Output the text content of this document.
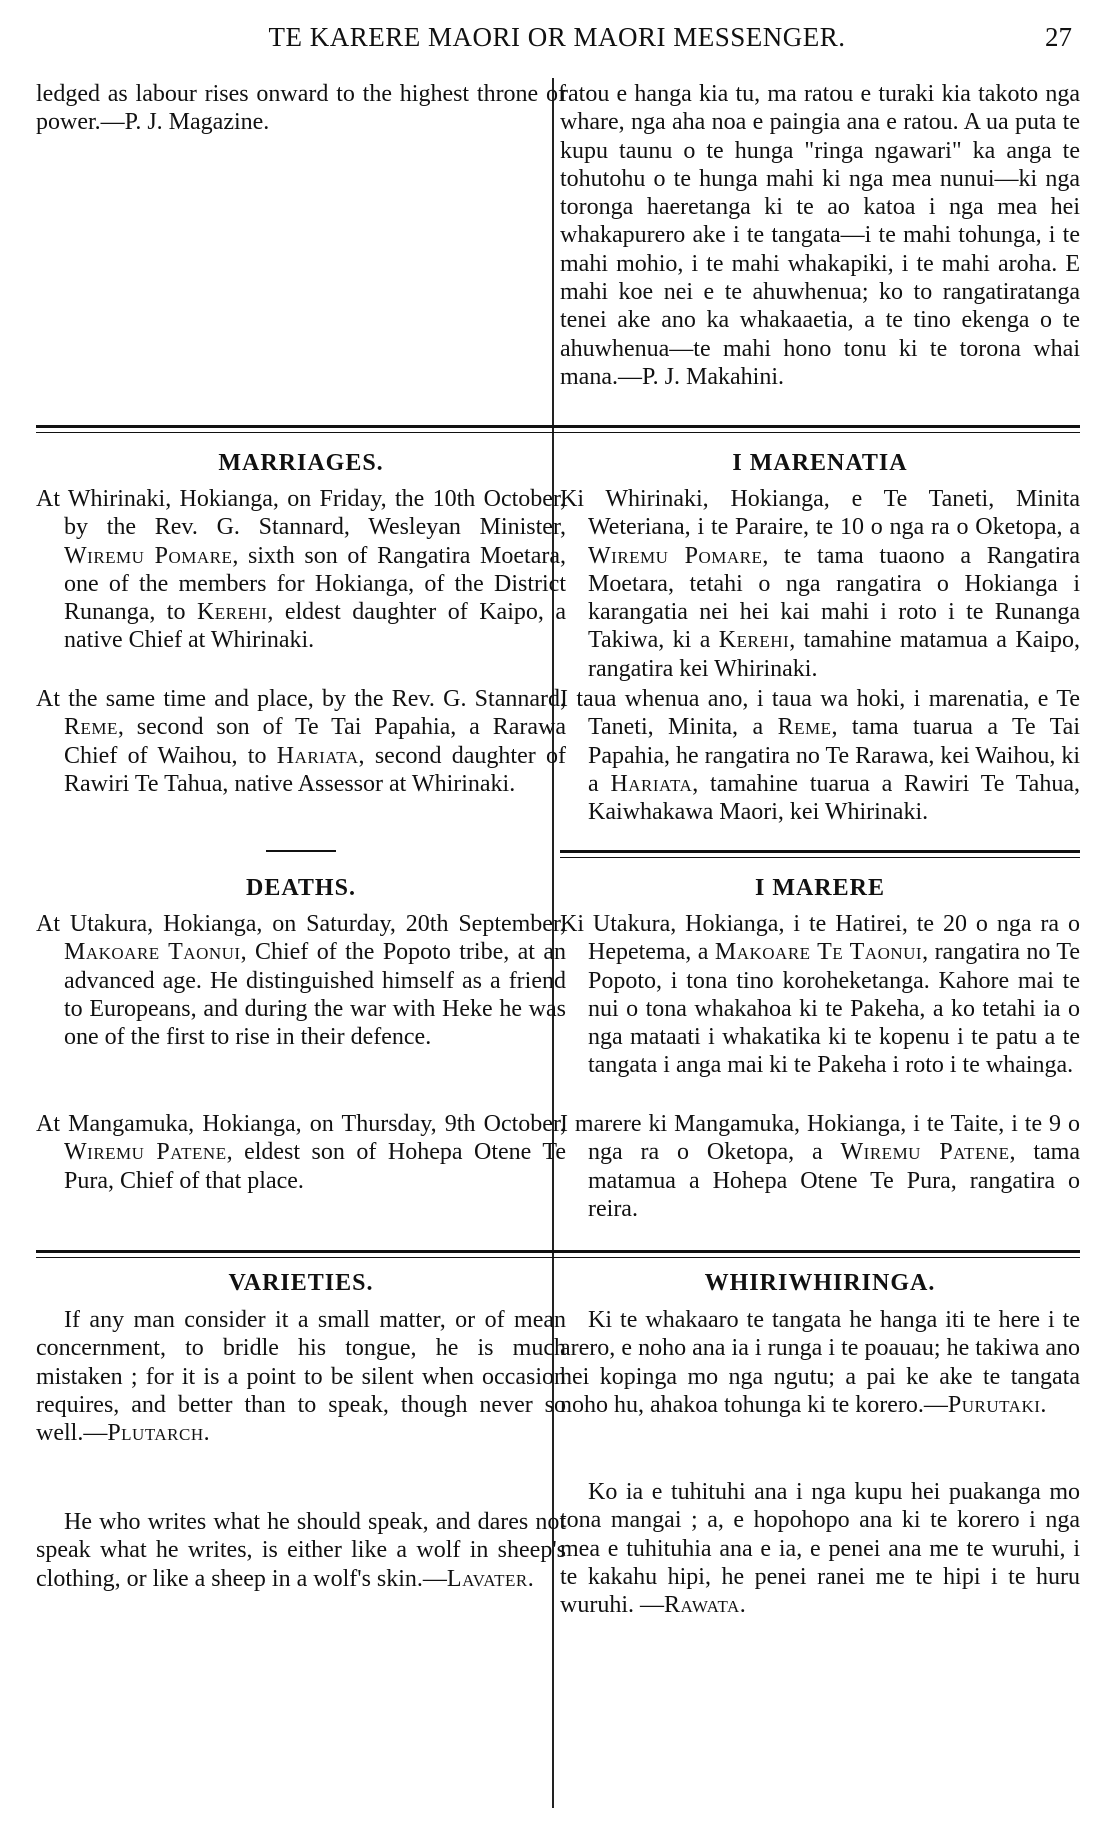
TE KARERE MAORI OR MAORI MESSENGER.	27

ledged as labour rises onward to the highest throne of power.—P. J. Magazine.

MARRIAGES.

At Whirinaki, Hokianga, on Friday, the 10th October, by the Rev. G. Stannard, Wesleyan Minister, Wiremu Pomare, sixth son of Rangatira Moetara, one of the members for Hokianga, of the District Runanga, to Kerehi, eldest daughter of Kaipo, a native Chief at Whirinaki.

At the same time and place, by the Rev. G. Stannard, Reme, second son of Te Tai Papahia, a Rarawa Chief of Waihou, to Hariata, second daughter of Rawiri Te Tahua, native Assessor at Whirinaki.

DEATHS.

At Utakura, Hokianga, on Saturday, 20th September, Makoare Taonui, Chief of the Popoto tribe, at an advanced age. He distinguished himself as a friend to Europeans, and during the war with Heke he was one of the first to rise in their defence.

At Mangamuka, Hokianga, on Thursday, 9th October, Wiremu Patene, eldest son of Hohepa Otene Te Pura, Chief of that place.

VARIETIES.

If any man consider it a small matter, or of mean concernment, to bridle his tongue, he is much mistaken ; for it is a point to be silent when occasion requires, and better than to speak, though never so well.—Plutarch.

He who writes what he should speak, and dares not speak what he writes, is either like a wolf in sheep's clothing, or like a sheep in a wolf's skin.—Lavater.

ratou e hanga kia tu, ma ratou e turaki kia takoto nga whare, nga aha noa e paingia ana e ratou. A ua puta te kupu taunu o te hunga "ringa ngawari" ka anga te tohutohu o te hunga mahi ki nga mea nunui—ki nga toronga haeretanga ki te ao katoa i nga mea hei whakapurero ake i te tangata—i te mahi tohunga, i te mahi mohio, i te mahi whakapiki, i te mahi aroha. E mahi koe nei e te ahuwhenua; ko to rangatiratanga tenei ake ano ka whakaaetia, a te tino ekenga o te ahuwhenua—te mahi hono tonu ki te torona whai mana.—P. J. Makahini.

I MARENATIA

Ki Whirinaki, Hokianga, e Te Taneti, Minita Weteriana, i te Paraire, te 10 o nga ra o Oketopa, a Wiremu Pomare, te tama tuaono a Rangatira Moetara, tetahi o nga rangatira o Hokianga i karangatia nei hei kai mahi i roto i te Runanga Takiwa, ki a Kerehi, tamahine matamua a Kaipo, rangatira kei Whirinaki.

I taua whenua ano, i taua wa hoki, i marenatia, e Te Taneti, Minita, a Reme, tama tuarua a Te Tai Papahia, he rangatira no Te Rarawa, kei Waihou, ki a Hariata, tamahine tuarua a Rawiri Te Tahua, Kaiwhakawa Maori, kei Whirinaki.

I MARERE

Ki Utakura, Hokianga, i te Hatirei, te 20 o nga ra o Hepetema, a Makoare Te Taonui, rangatira no Te Popoto, i tona tino koroheketanga. Kahore mai te nui o tona whakahoa ki te Pakeha, a ko tetahi ia o nga mataati i whakatika ki te kopenu i te patu a te tangata i anga mai ki te Pakeha i roto i te whainga.

I marere ki Mangamuka, Hokianga, i te Taite, i te 9 o nga ra o Oketopa, a Wiremu Patene, tama matamua a Hohepa Otene Te Pura, rangatira o reira.

WHIRIWHIRINGA.

Ki te whakaaro te tangata he hanga iti te here i te arero, e noho ana ia i runga i te poauau; he takiwa ano hei kopinga mo nga ngutu; a pai ke ake te tangata noho hu, ahakoa tohunga ki te korero.—Purutaki.

Ko ia e tuhituhi ana i nga kupu hei puakanga mo tona mangai ; a, e hopohopo ana ki te korero i nga mea e tuhituhia ana e ia, e penei ana me te wuruhi, i te kakahu hipi, he penei ranei me te hipi i te huru wuruhi. —Rawata.
